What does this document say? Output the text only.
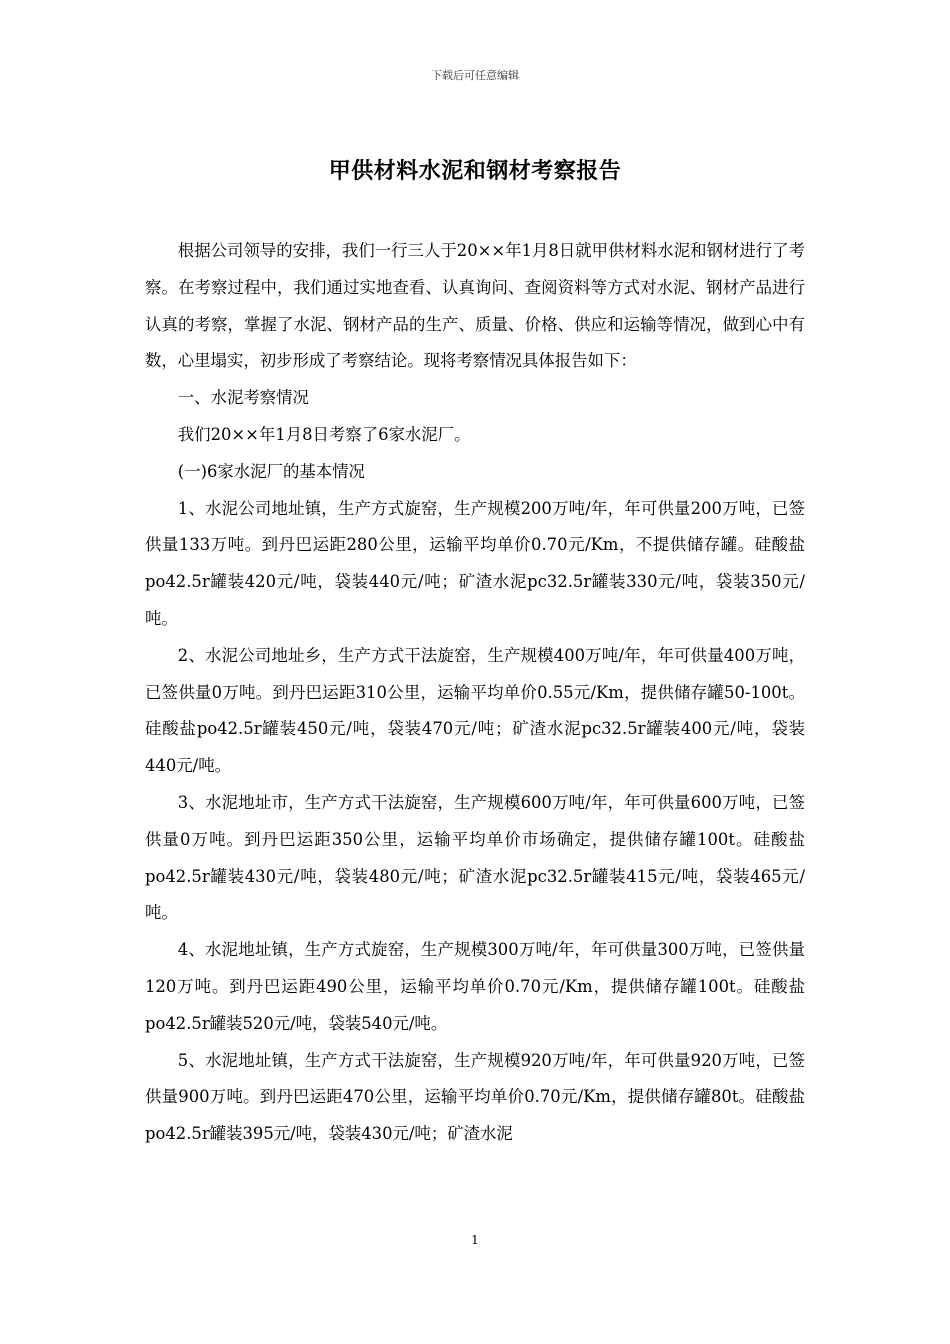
下载后可任意编辑
甲供材料水泥和钢材考察报告

根据公司领导的安排，我们一行三人于20××年1月8日就甲供材料水泥和钢材进行了考察。在考察过程中，我们通过实地查看、认真询问、查阅资料等方式对水泥、钢材产品进行认真的考察，掌握了水泥、钢材产品的生产、质量、价格、供应和运输等情况，做到心中有数，心里塌实，初步形成了考察结论。现将考察情况具体报告如下：

一、水泥考察情况

我们20××年1月8日考察了6家水泥厂。

(一)6家水泥厂的基本情况

1、水泥公司地址镇，生产方式旋窑，生产规模200万吨/年，年可供量200万吨，已签供量133万吨。到丹巴运距280公里，运输平均单价0.70元/Km，不提供储存罐。硅酸盐po42.5r罐装420元/吨，袋装440元/吨；矿渣水泥pc32.5r罐装330元/吨，袋装350元/吨。

2、水泥公司地址乡，生产方式干法旋窑，生产规模400万吨/年，年可供量400万吨，已签供量0万吨。到丹巴运距310公里，运输平均单价0.55元/Km，提供储存罐50-100t。硅酸盐po42.5r罐装450元/吨，袋装470元/吨；矿渣水泥pc32.5r罐装400元/吨，袋装440元/吨。

3、水泥地址市，生产方式干法旋窑，生产规模600万吨/年，年可供量600万吨，已签供量0万吨。到丹巴运距350公里，运输平均单价市场确定，提供储存罐100t。硅酸盐po42.5r罐装430元/吨，袋装480元/吨；矿渣水泥pc32.5r罐装415元/吨，袋装465元/吨。

4、水泥地址镇，生产方式旋窑，生产规模300万吨/年，年可供量300万吨，已签供量120万吨。到丹巴运距490公里，运输平均单价0.70元/Km，提供储存罐100t。硅酸盐po42.5r罐装520元/吨，袋装540元/吨。

5、水泥地址镇，生产方式干法旋窑，生产规模920万吨/年，年可供量920万吨，已签供量900万吨。到丹巴运距470公里，运输平均单价0.70元/Km，提供储存罐80t。硅酸盐po42.5r罐装395元/吨，袋装430元/吨；矿渣水泥

1
